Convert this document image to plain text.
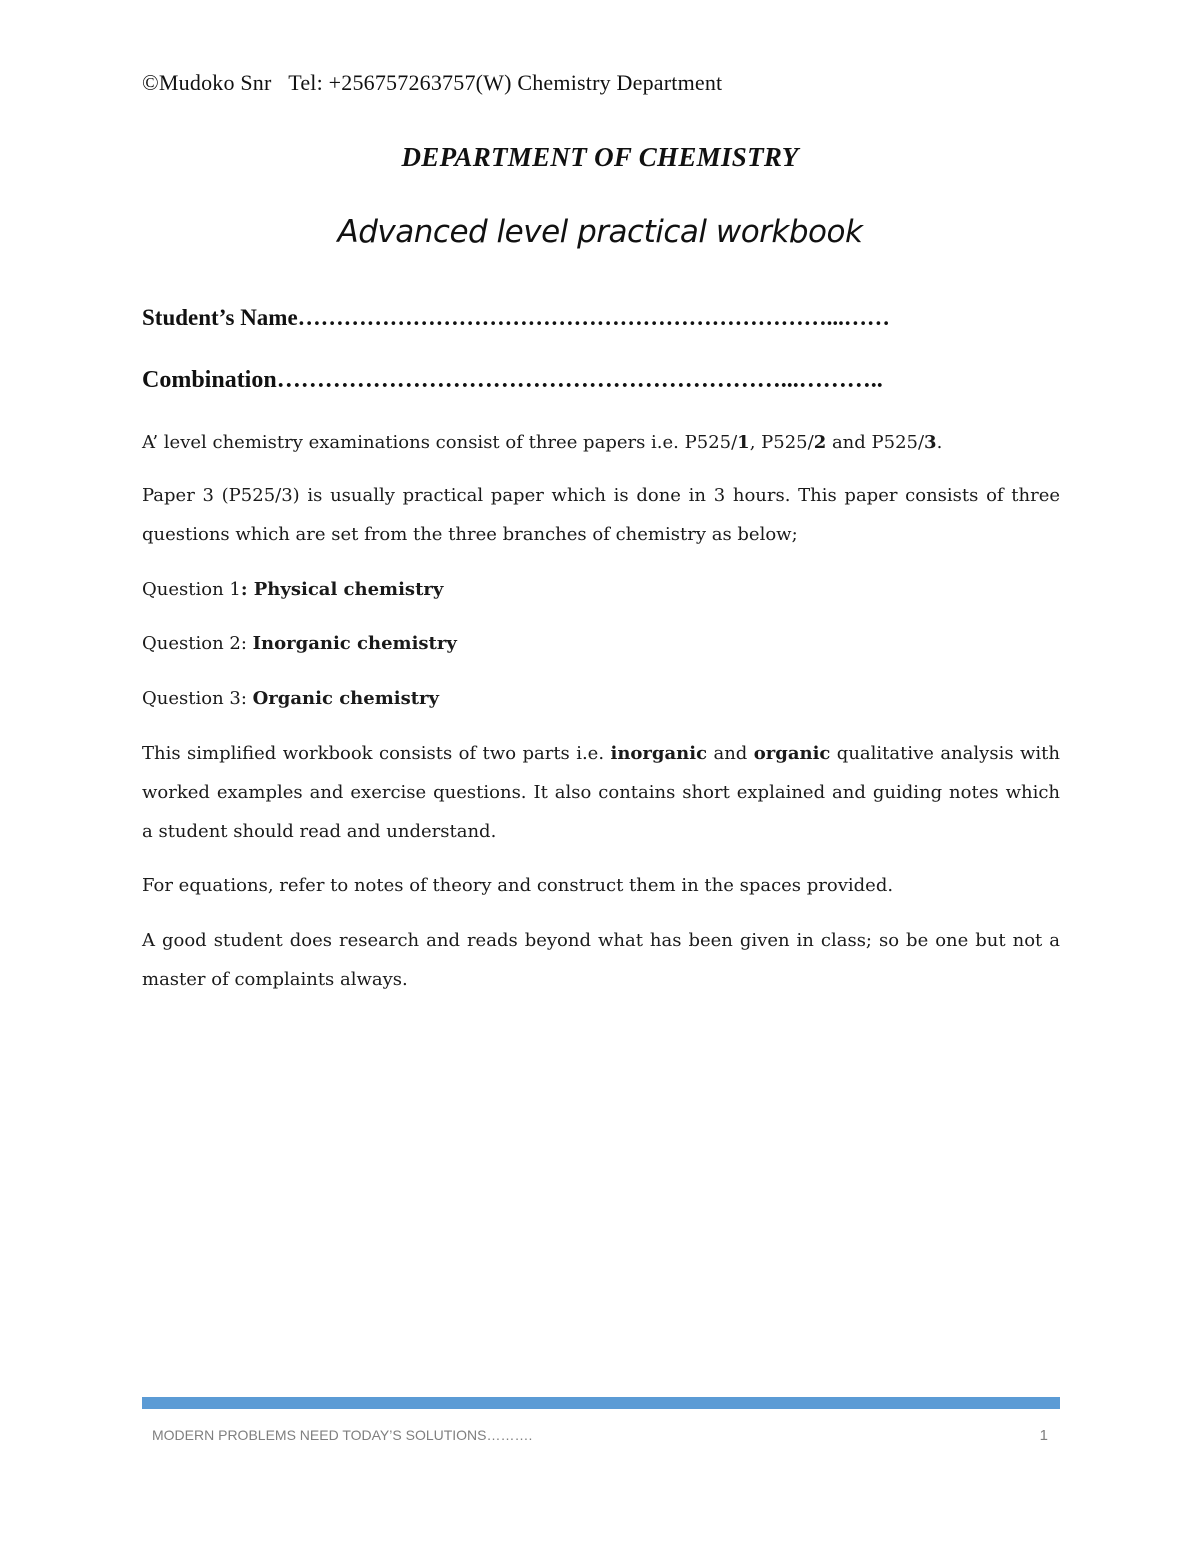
©Mudoko Snr   Tel: +256757263757(W) Chemistry Department
DEPARTMENT OF CHEMISTRY
Advanced level practical workbook
Student’s Name……………………………………………………………...……
Combination………………………………………………………...………..
A’ level chemistry examinations consist of three papers i.e. P525/1, P525/2 and P525/3.
Paper 3 (P525/3) is usually practical paper which is done in 3 hours. This paper consists of three questions which are set from the three branches of chemistry as below;
Question 1: Physical chemistry
Question 2: Inorganic chemistry
Question 3: Organic chemistry
This simplified workbook consists of two parts i.e. inorganic and organic qualitative analysis with worked examples and exercise questions. It also contains short explained and guiding notes which a student should read and understand.
For equations, refer to notes of theory and construct them in the spaces provided.
A good student does research and reads beyond what has been given in class; so be one but not a master of complaints always.
MODERN PROBLEMS NEED TODAY’S SOLUTIONS……….	1
